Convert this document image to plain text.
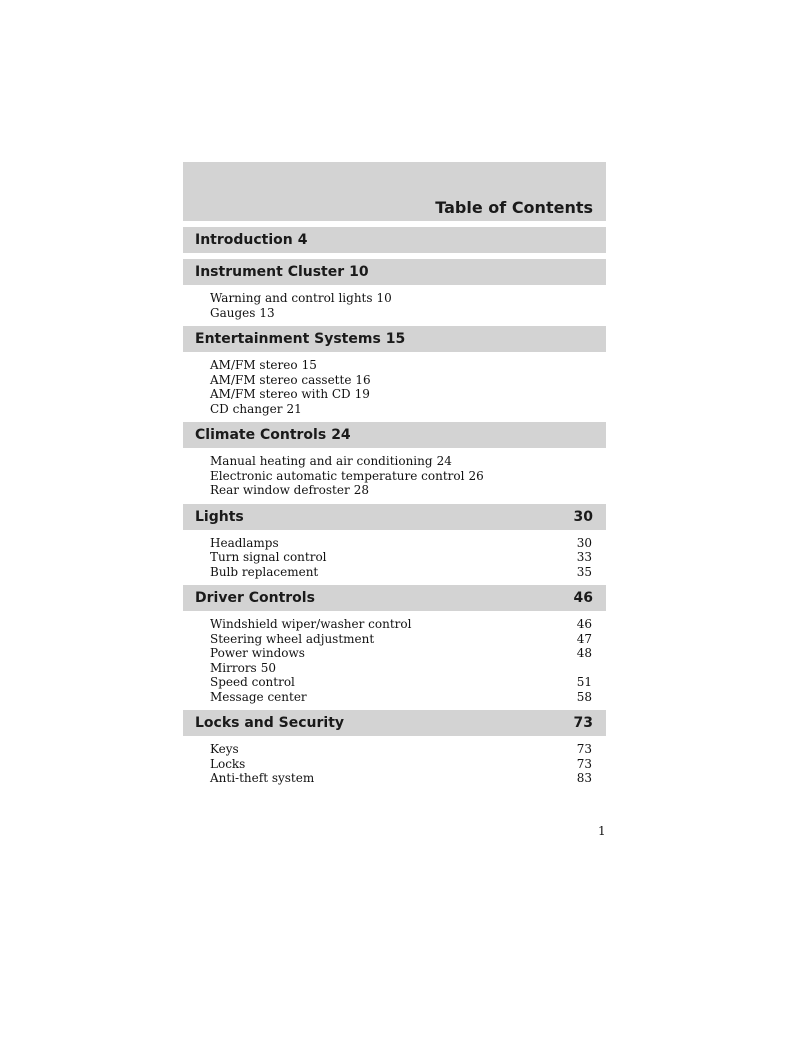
Table of Contents
Introduction 4
Instrument Cluster 10
Warning and control lights 10
Gauges 13
Entertainment Systems 15
AM/FM stereo 15
AM/FM stereo cassette 16
AM/FM stereo with CD 19
CD changer 21
Climate Controls 24
Manual heating and air conditioning 24
Electronic automatic temperature control 26
Rear window defroster 28
Lights	30
Headlamps	30
Turn signal control	33
Bulb replacement	35
Driver Controls	46
Windshield wiper/washer control	46
Steering wheel adjustment	47
Power windows	48
Mirrors 50
Speed control	51
Message center	58
Locks and Security	73
Keys	73
Locks	73
Anti-theft system	83
1
